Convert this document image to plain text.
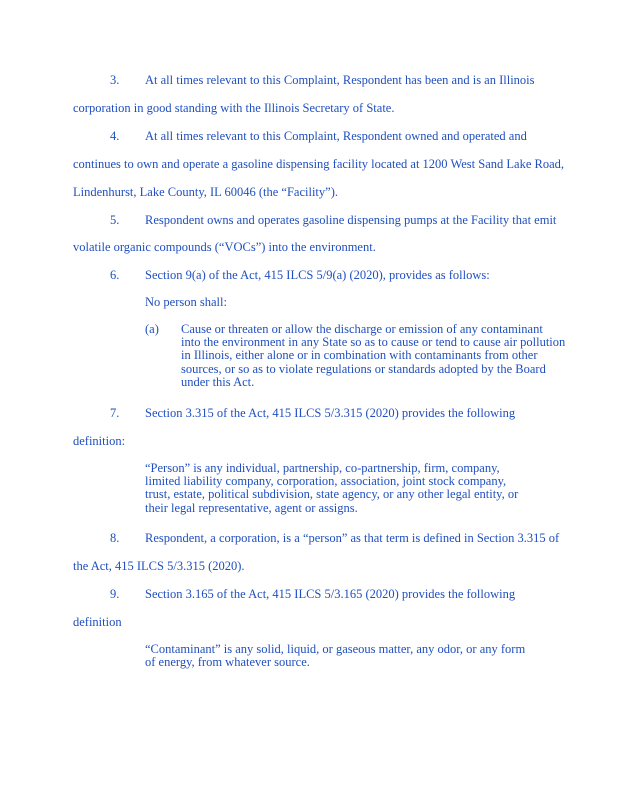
3. At all times relevant to this Complaint, Respondent has been and is an Illinois
corporation in good standing with the Illinois Secretary of State.
4. At all times relevant to this Complaint, Respondent owned and operated and
continues to own and operate a gasoline dispensing facility located at 1200 West Sand Lake Road,
Lindenhurst, Lake County, IL 60046 (the “Facility”).
5. Respondent owns and operates gasoline dispensing pumps at the Facility that emit
volatile organic compounds (“VOCs”) into the environment.
6. Section 9(a) of the Act, 415 ILCS 5/9(a) (2020), provides as follows:
No person shall:
(a) Cause or threaten or allow the discharge or emission of any contaminant
into the environment in any State so as to cause or tend to cause air pollution
in Illinois, either alone or in combination with contaminants from other
sources, or so as to violate regulations or standards adopted by the Board
under this Act.
7. Section 3.315 of the Act, 415 ILCS 5/3.315 (2020) provides the following
definition:
“Person” is any individual, partnership, co-partnership, firm, company,
limited liability company, corporation, association, joint stock company,
trust, estate, political subdivision, state agency, or any other legal entity, or
their legal representative, agent or assigns.
8. Respondent, a corporation, is a “person” as that term is defined in Section 3.315 of
the Act, 415 ILCS 5/3.315 (2020).
9. Section 3.165 of the Act, 415 ILCS 5/3.165 (2020) provides the following
definition
“Contaminant” is any solid, liquid, or gaseous matter, any odor, or any form
of energy, from whatever source.
